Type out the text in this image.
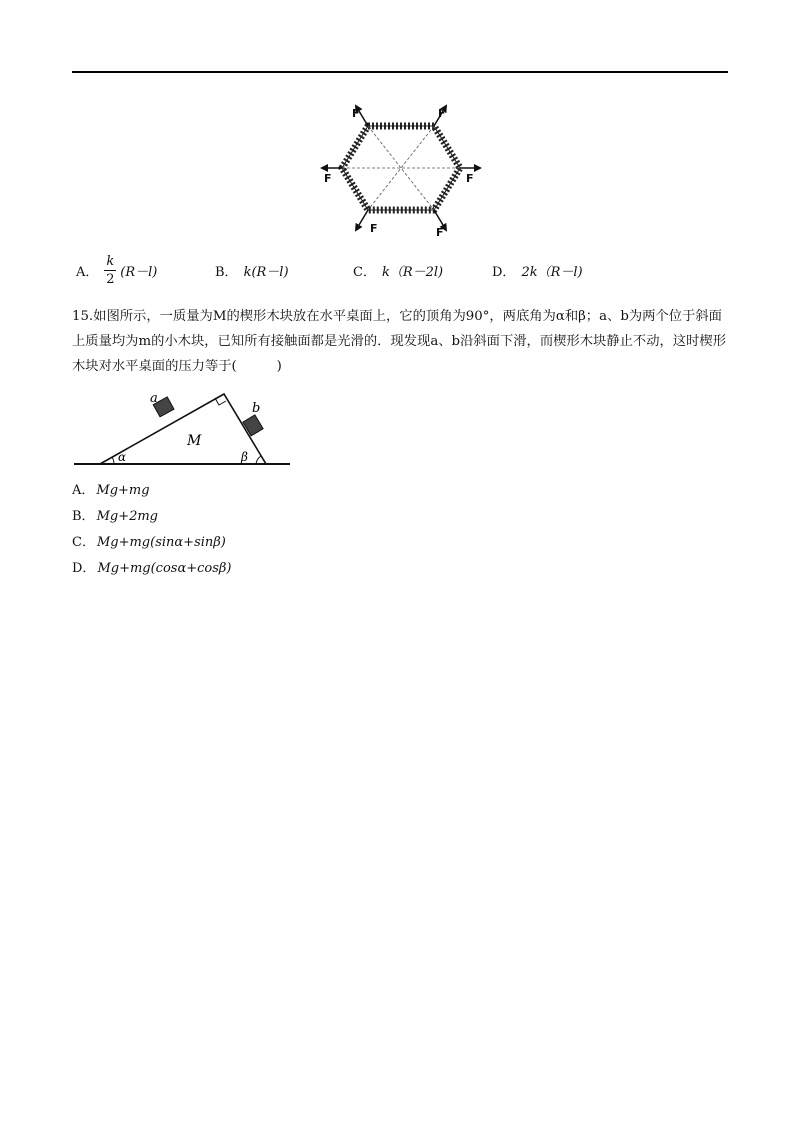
F	F
F	F
F	F
A． $\frac{k}{2} (R-l)$	B． k(R－l)	C． k（R－2l)	D． 2k（R－l)
15.如图所示，一质量为M的楔形木块放在水平桌面上，它的顶角为90°，两底角为α和β；a、b为两个位于斜面上质量均为m的小木块，已知所有接触面都是光滑的．现发现a、b沿斜面下滑，而楔形木块静止不动，这时楔形木块对水平桌面的压力等于(　　　)
a
b
M
α	β
A． Mg+mg
B． Mg+2mg
C． Mg+mg(sinα+sinβ)
D． Mg+mg(cosα+cosβ)
